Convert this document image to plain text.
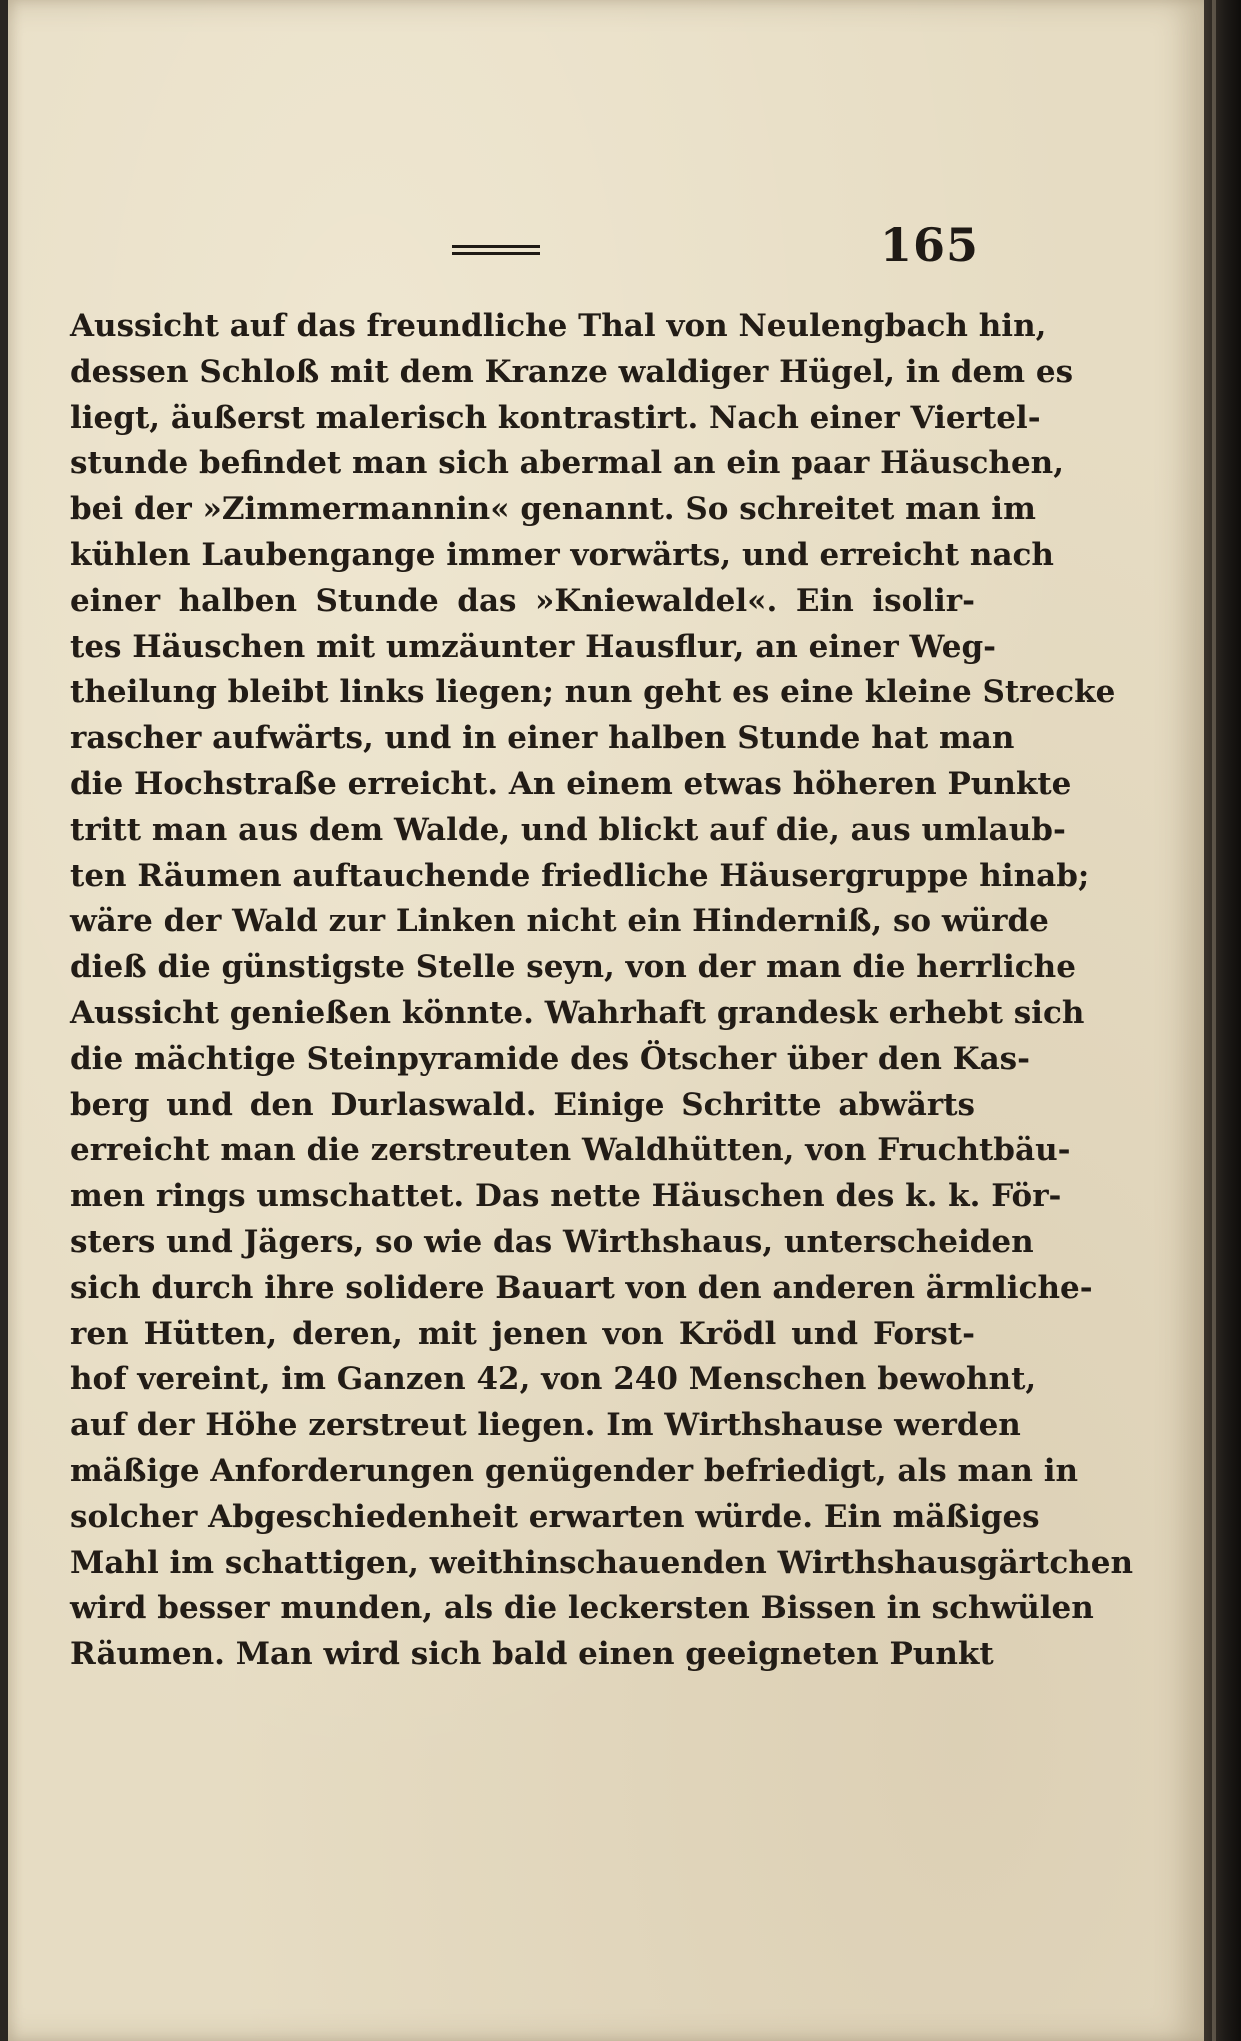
165
Aussicht auf das freundliche Thal von Neulengbach hin,
dessen Schloß mit dem Kranze waldiger Hügel, in dem es
liegt, äußerst malerisch kontrastirt. Nach einer Viertel-
stunde befindet man sich abermal an ein paar Häuschen,
bei der »Zimmermannin« genannt. So schreitet man im
kühlen Laubengange immer vorwärts, und erreicht nach
einer halben Stunde das »Kniewaldel«. Ein isolir-
tes Häuschen mit umzäunter Hausflur, an einer Weg-
theilung bleibt links liegen; nun geht es eine kleine Strecke
rascher aufwärts, und in einer halben Stunde hat man
die Hochstraße erreicht. An einem etwas höheren Punkte
tritt man aus dem Walde, und blickt auf die, aus umlaub-
ten Räumen auftauchende friedliche Häusergruppe hinab;
wäre der Wald zur Linken nicht ein Hinderniß, so würde
dieß die günstigste Stelle seyn, von der man die herrliche
Aussicht genießen könnte. Wahrhaft grandesk erhebt sich
die mächtige Steinpyramide des Ötscher über den Kas-
berg und den Durlaswald. Einige Schritte abwärts
erreicht man die zerstreuten Waldhütten, von Fruchtbäu-
men rings umschattet. Das nette Häuschen des k. k. För-
sters und Jägers, so wie das Wirthshaus, unterscheiden
sich durch ihre solidere Bauart von den anderen ärmliche-
ren Hütten, deren, mit jenen von Krödl und Forst-
hof vereint, im Ganzen 42, von 240 Menschen bewohnt,
auf der Höhe zerstreut liegen. Im Wirthshause werden
mäßige Anforderungen genügender befriedigt, als man in
solcher Abgeschiedenheit erwarten würde. Ein mäßiges
Mahl im schattigen, weithinschauenden Wirthshausgärtchen
wird besser munden, als die leckersten Bissen in schwülen
Räumen. Man wird sich bald einen geeigneten Punkt
